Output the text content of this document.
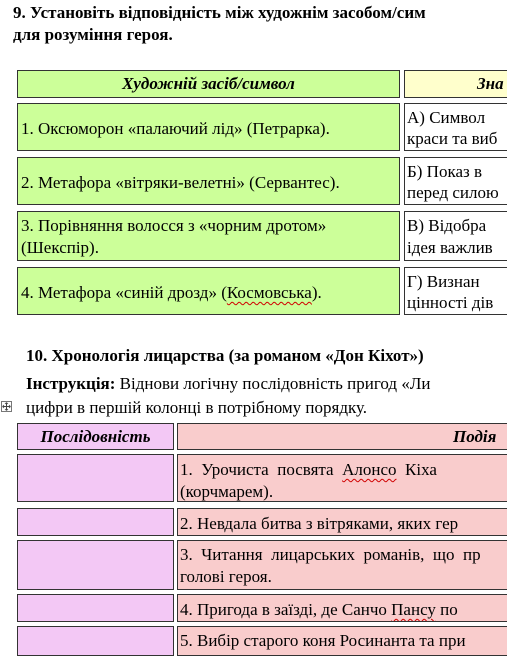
9. Установіть відповідність між художнім засобом/сим
для розуміння героя.
Художній засіб/символ	Зна
1. Оксюморон «палаючий лід» (Петрарка).
А) Символ
краси та виб
2. Метафора «вітряки-велетні» (Сервантес).
Б) Показ в
перед силою
3. Порівняння волосся з «чорним дротом»
(Шекспір).
В) Відобра
ідея важлив
4. Метафора «синій дрозд» (Космовська).
Г) Визнан
цінності дів
10. Хронологія лицарства (за романом «Дон Кіхот»)
Інструкція: Віднови логічну послідовність пригод «Ли
цифри в першій колонці в потрібному порядку.
Послідовність	Подія
1.  Урочиста  посвята  Алонсо  Кіха
(корчмарем).
2. Невдала битва з вітряками, яких гер
3.  Читання  лицарських  романів,  що  пр
голові героя.
4. Пригода в заїзді, де Санчо Пансу по
5. Вибір старого коня Росинанта та при
